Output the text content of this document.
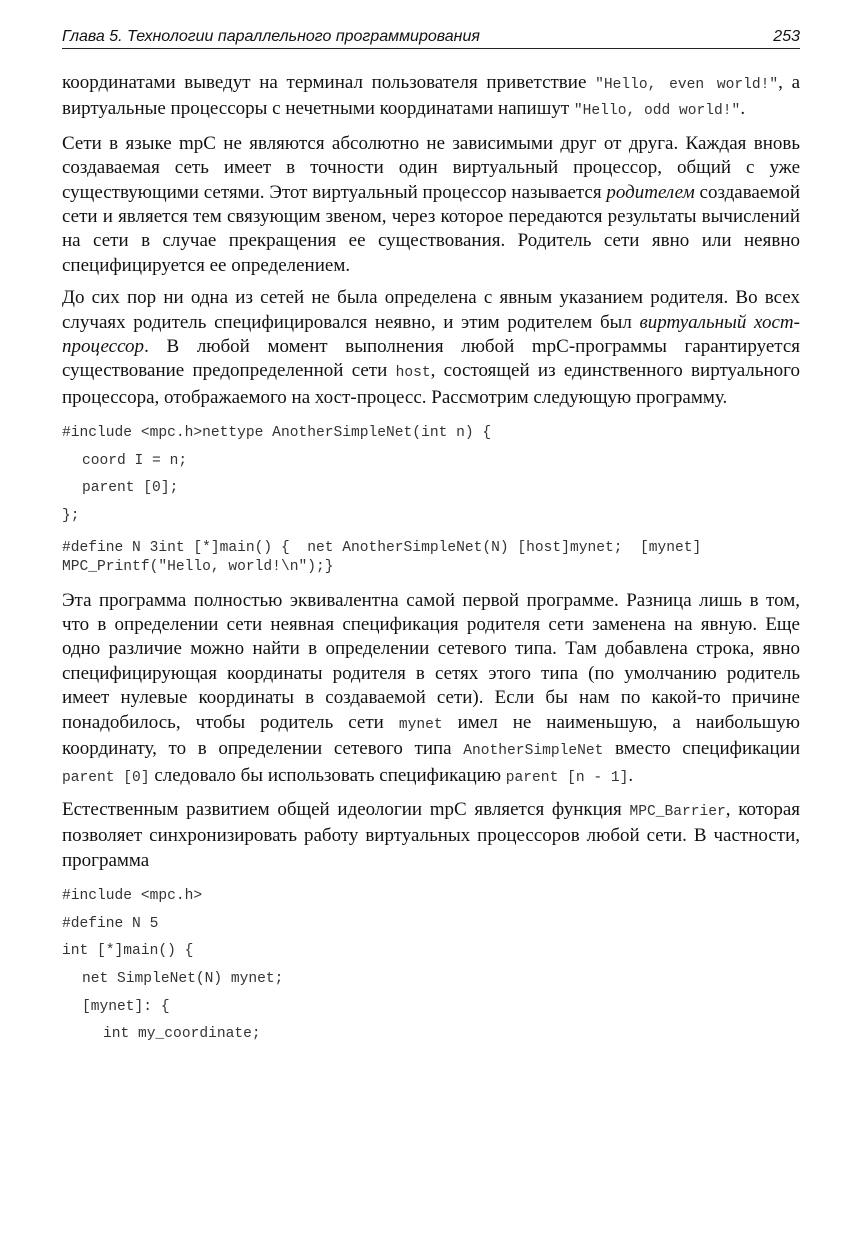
Глава 5. Технологии параллельного программирования	253

координатами выведут на терминал пользователя приветствие "Hello, even world!", а виртуальные процессоры с нечетными координатами напишут "Hello, odd world!".

Сети в языке mpC не являются абсолютно не зависимыми друг от друга. Каждая вновь создаваемая сеть имеет в точности один виртуальный процессор, общий с уже существующими сетями. Этот виртуальный процессор называется родителем создаваемой сети и является тем связующим звеном, через которое передаются результаты вычислений на сети в случае прекращения ее существования. Родитель сети явно или неявно специфицируется ее определением.

До сих пор ни одна из сетей не была определена с явным указанием родителя. Во всех случаях родитель специфицировался неявно, и этим родителем был виртуальный хост-процессор. В любой момент выполнения любой mpC-программы гарантируется существование предопределенной сети host, состоящей из единственного виртуального процессора, отображаемого на хост-процесс. Рассмотрим следующую программу.

#include <mpc.h>nettype AnotherSimpleNet(int n) {
coord I = n;
parent [0];
};
#define N 3int [*]main() {  net AnotherSimpleNet(N) [host]mynet;  [mynet]
MPC_Printf("Hello, world!\n");}

Эта программа полностью эквивалентна самой первой программе. Разница лишь в том, что в определении сети неявная спецификация родителя сети заменена на явную. Еще одно различие можно найти в определении сетевого типа. Там добавлена строка, явно специфицирующая координаты родителя в сетях этого типа (по умолчанию родитель имеет нулевые координаты в создаваемой сети). Если бы нам по какой-то причине понадобилось, чтобы родитель сети mynet имел не наименьшую, а наибольшую координату, то в определении сетевого типа AnotherSimpleNet вместо спецификации parent [0] следовало бы использовать спецификацию parent [n - 1].

Естественным развитием общей идеологии mpC является функция MPC_Barrier, которая позволяет синхронизировать работу виртуальных процессоров любой сети. В частности, программа

#include <mpc.h>
#define N 5
int [*]main() {
net SimpleNet(N) mynet;
[mynet]: {
int my_coordinate;
